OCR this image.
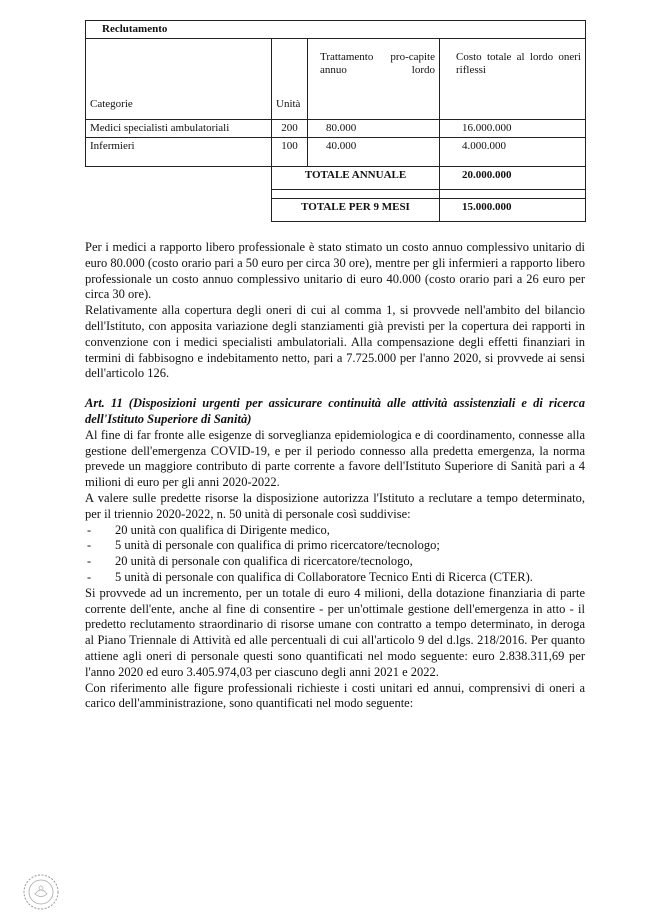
Reclutamento			
Categorie	Unità	Trattamento pro-capite annuo lordo	Costo totale al lordo oneri riflessi

Medici specialisti ambulatoriali	200	80.000	16.000.000
Infermieri	100	40.000	4.000.000
	TOTALE ANNUALE		20.000.000

	TOTALE PER 9 MESI		15.000.000

Per i medici a rapporto libero professionale è stato stimato un costo annuo complessivo unitario di euro 80.000 (costo orario pari a 50 euro per circa 30 ore), mentre per gli infermieri a rapporto libero professionale un costo annuo complessivo unitario di euro 40.000 (costo orario pari a 26 euro per circa 30 ore).

Relativamente alla copertura degli oneri di cui al comma 1, si provvede nell'ambito del bilancio dell'Istituto, con apposita variazione degli stanziamenti già previsti per la copertura dei rapporti in convenzione con i medici specialisti ambulatoriali. Alla compensazione degli effetti finanziari in termini di fabbisogno e indebitamento netto, pari a 7.725.000 per l'anno 2020, si provvede ai sensi dell'articolo 126.

Art. 11 (Disposizioni urgenti per assicurare continuità alle attività assistenziali e di ricerca dell'Istituto Superiore di Sanità)

Al fine di far fronte alle esigenze di sorveglianza epidemiologica e di coordinamento, connesse alla gestione dell'emergenza COVID-19, e per il periodo connesso alla predetta emergenza, la norma prevede un maggiore contributo di parte corrente a favore dell'Istituto Superiore di Sanità pari a 4 milioni di euro per gli anni 2020-2022.

A valere sulle predette risorse la disposizione autorizza l'Istituto a reclutare a tempo determinato, per il triennio 2020-2022, n. 50 unità di personale così suddivise:

- 20 unità con qualifica di Dirigente medico,
- 5 unità di personale con qualifica di primo ricercatore/tecnologo;
- 20 unità di personale con qualifica di ricercatore/tecnologo,
- 5 unità di personale con qualifica di Collaboratore Tecnico Enti di Ricerca (CTER).

Si provvede ad un incremento, per un totale di euro 4 milioni, della dotazione finanziaria di parte corrente dell'ente, anche al fine di consentire - per un'ottimale gestione dell'emergenza in atto - il predetto reclutamento straordinario di risorse umane con contratto a tempo determinato, in deroga al Piano Triennale di Attività ed alle percentuali di cui all'articolo 9 del d.lgs. 218/2016. Per quanto attiene agli oneri di personale questi sono quantificati nel modo seguente: euro 2.838.311,69 per l'anno 2020 ed euro 3.405.974,03 per ciascuno degli anni 2021 e 2022.

Con riferimento alle figure professionali richieste i costi unitari ed annui, comprensivi di oneri a carico dell'amministrazione, sono quantificati nel modo seguente:
